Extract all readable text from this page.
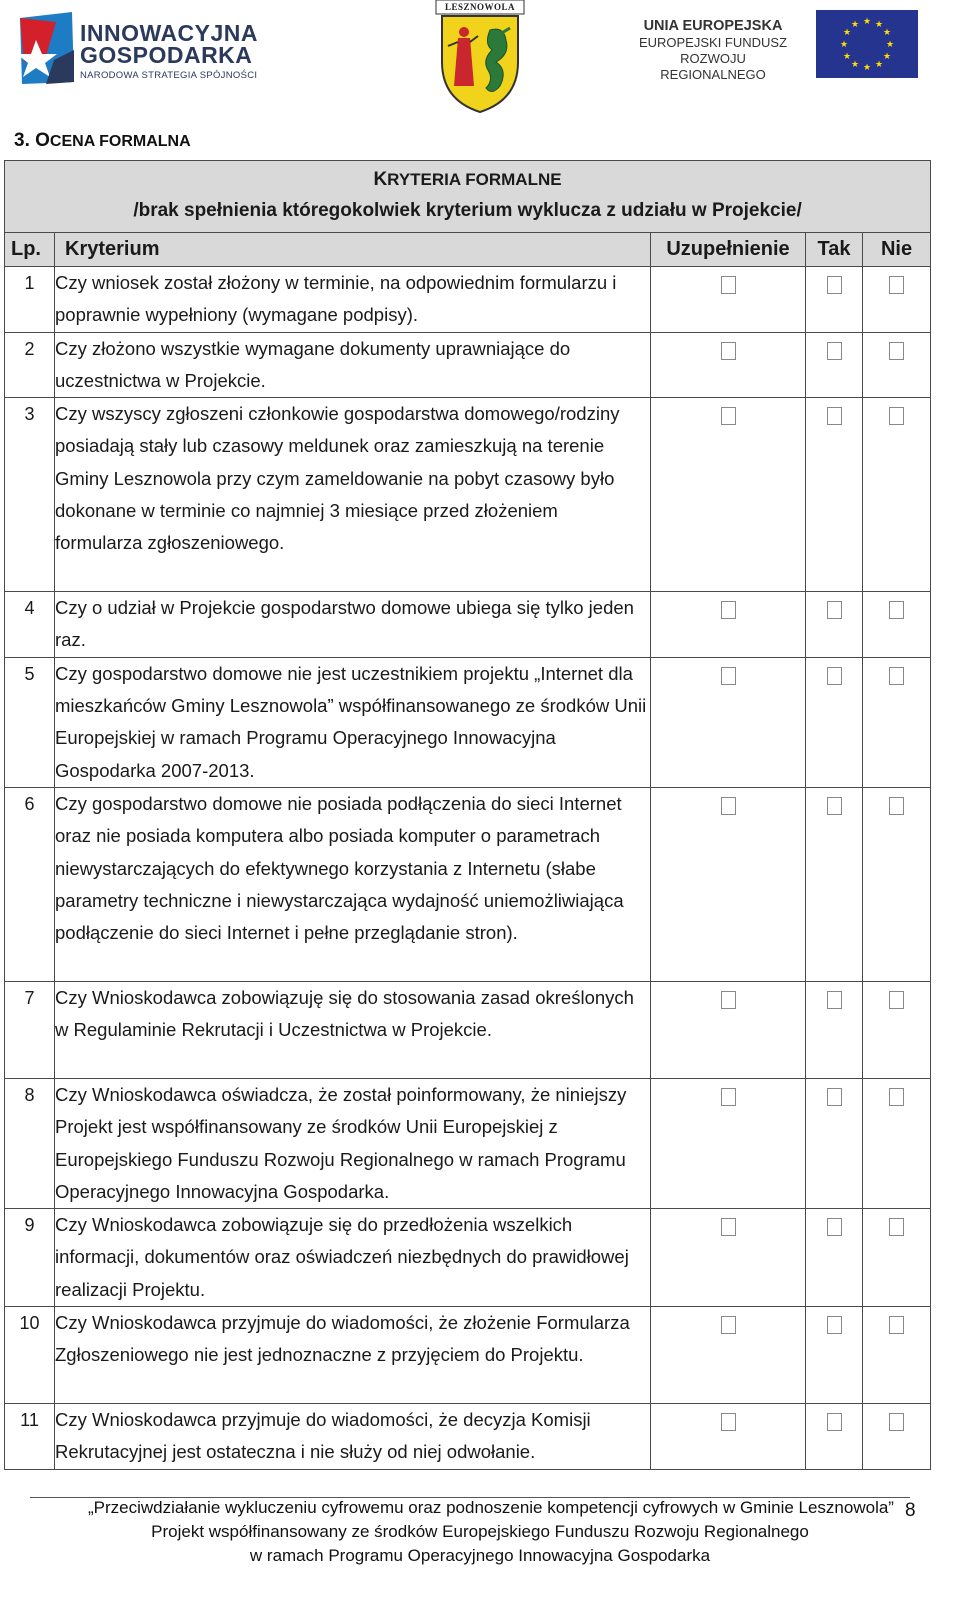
INNOWACYJNA
GOSPODARKA
NARODOWA STRATEGIA SPÓJNOŚCI
LESZNOWOLA
UNIA EUROPEJSKA
EUROPEJSKI FUNDUSZ
ROZWOJU REGIONALNEGO
★ ★
★
★
★
★
★
★
★
★
★
★
3. OCENA FORMALNA
KRYTERIA FORMALNE
/brak spełnienia któregokolwiek kryterium wyklucza z udziału w Projekcie/				

Lp.	Kryterium	Uzupełnienie	Tak	Nie
1	Czy wniosek został złożony w terminie, na odpowiednim formularzu i poprawnie wypełniony (wymagane podpisy).			
2	Czy złożono wszystkie wymagane dokumenty uprawniające do uczestnictwa w Projekcie.			
3	Czy wszyscy zgłoszeni członkowie gospodarstwa domowego/rodziny posiadają stały lub czasowy meldunek oraz zamieszkują na terenie Gminy Lesznowola przy czym zameldowanie na pobyt czasowy było dokonane w terminie co najmniej 3 miesiące przed złożeniem formularza zgłoszeniowego.			
4	Czy o udział w Projekcie gospodarstwo domowe ubiega się tylko jeden raz.			
5	Czy gospodarstwo domowe nie jest uczestnikiem projektu „Internet dla mieszkańców Gminy Lesznowola” współfinansowanego ze środków Unii Europejskiej w ramach Programu Operacyjnego Innowacyjna Gospodarka 2007-2013.			
6	Czy gospodarstwo domowe nie posiada podłączenia do sieci Internet oraz nie posiada komputera albo posiada komputer o parametrach niewystarczających do efektywnego korzystania z Internetu (słabe parametry techniczne i niewystarczająca wydajność uniemożliwiająca podłączenie do sieci Internet i pełne przeglądanie stron).			
7	Czy Wnioskodawca zobowiązuję się do stosowania zasad określonych w Regulaminie Rekrutacji i Uczestnictwa w Projekcie.			
8	Czy Wnioskodawca oświadcza, że został poinformowany, że niniejszy Projekt jest współfinansowany ze środków Unii Europejskiej z Europejskiego Funduszu Rozwoju Regionalnego w ramach Programu Operacyjnego Innowacyjna Gospodarka.			
9	Czy Wnioskodawca zobowiązuje się do przedłożenia wszelkich informacji, dokumentów oraz oświadczeń niezbędnych do prawidłowej realizacji Projektu.			
10	Czy Wnioskodawca przyjmuje do wiadomości, że złożenie Formularza Zgłoszeniowego nie jest jednoznaczne z przyjęciem do Projektu.			
11	Czy Wnioskodawca przyjmuje do wiadomości, że decyzja Komisji Rekrutacyjnej jest ostateczna i nie służy od niej odwołanie.			
„Przeciwdziałanie wykluczeniu cyfrowemu oraz podnoszenie kompetencji cyfrowych w Gminie Lesznowola”
Projekt współfinansowany ze środków Europejskiego Funduszu Rozwoju Regionalnego
w ramach Programu Operacyjnego Innowacyjna Gospodarka
8
